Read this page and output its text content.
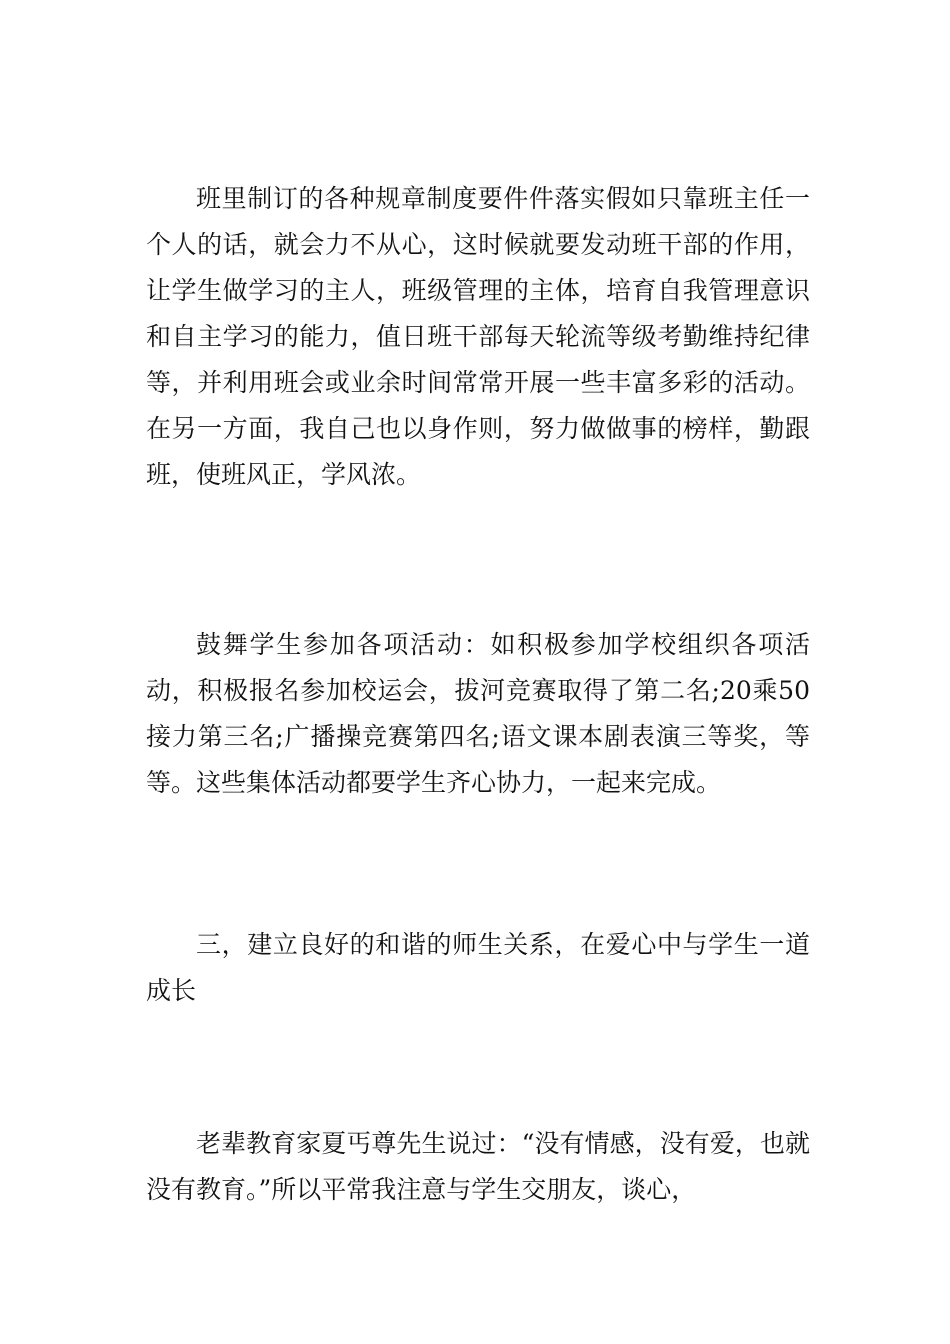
班里制订的各种规章制度要件件落实假如只靠班主任一个人的话，就会力不从心，这时候就要发动班干部的作用，让学生做学习的主人，班级管理的主体，培育自我管理意识和自主学习的能力，值日班干部每天轮流等级考勤维持纪律等，并利用班会或业余时间常常开展一些丰富多彩的活动。在另一方面，我自己也以身作则，努力做做事的榜样，勤跟班，使班风正，学风浓。

鼓舞学生参加各项活动：如积极参加学校组织各项活动，积极报名参加校运会，拔河竞赛取得了第二名;20乘50接力第三名;广播操竞赛第四名;语文课本剧表演三等奖，等等。这些集体活动都要学生齐心协力，一起来完成。

三，建立良好的和谐的师生关系，在爱心中与学生一道成长

老辈教育家夏丐尊先生说过：“没有情感，没有爱，也就没有教育。”所以平常我注意与学生交朋友，谈心，
